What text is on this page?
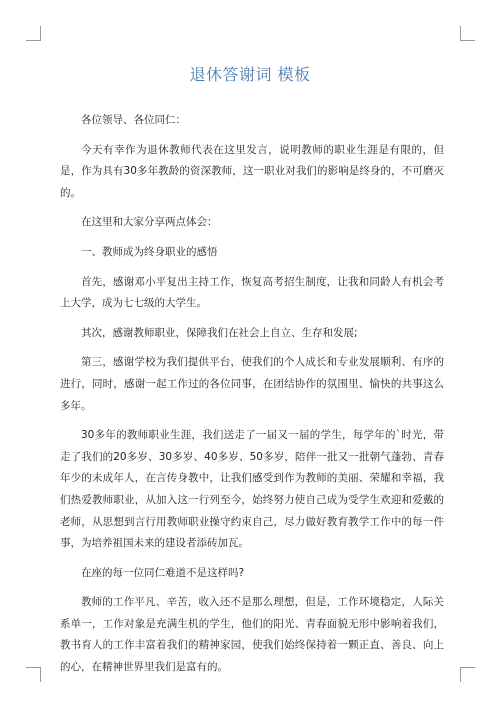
退休答谢词 模板

各位领导、各位同仁：

今天有幸作为退休教师代表在这里发言，说明教师的职业生涯是有限的，但是，作为具有30多年教龄的资深教师，这一职业对我们的影响是终身的，不可磨灭的。

在这里和大家分享两点体会：

一、教师成为终身职业的感悟

首先，感谢邓小平复出主持工作，恢复高考招生制度，让我和同龄人有机会考上大学，成为七七级的大学生。

其次，感谢教师职业，保障我们在社会上自立、生存和发展;

第三，感谢学校为我们提供平台，使我们的个人成长和专业发展顺利、有序的进行，同时，感谢一起工作过的各位同事，在团结协作的氛围里、愉快的共事这么多年。

30多年的教师职业生涯，我们送走了一届又一届的学生，每学年的`时光，带走了我们的20多岁、30多岁、40多岁、50多岁，陪伴一批又一批朝气蓬勃、青春年少的未成年人，在言传身教中，让我们感受到作为教师的美丽、荣耀和幸福，我们热爱教师职业，从加入这一行列至今，始终努力使自己成为受学生欢迎和爱戴的老师，从思想到言行用教师职业操守约束自己，尽力做好教育教学工作中的每一件事，为培养祖国未来的建设者添砖加瓦。

在座的每一位同仁难道不是这样吗?

教师的工作平凡、辛苦，收入还不是那么理想，但是，工作环境稳定，人际关系单一，工作对象是充满生机的学生，他们的阳光、青春面貌无形中影响着我们，教书育人的工作丰富着我们的精神家园，使我们始终保持着一颗正直、善良、向上的心，在精神世界里我们是富有的。
